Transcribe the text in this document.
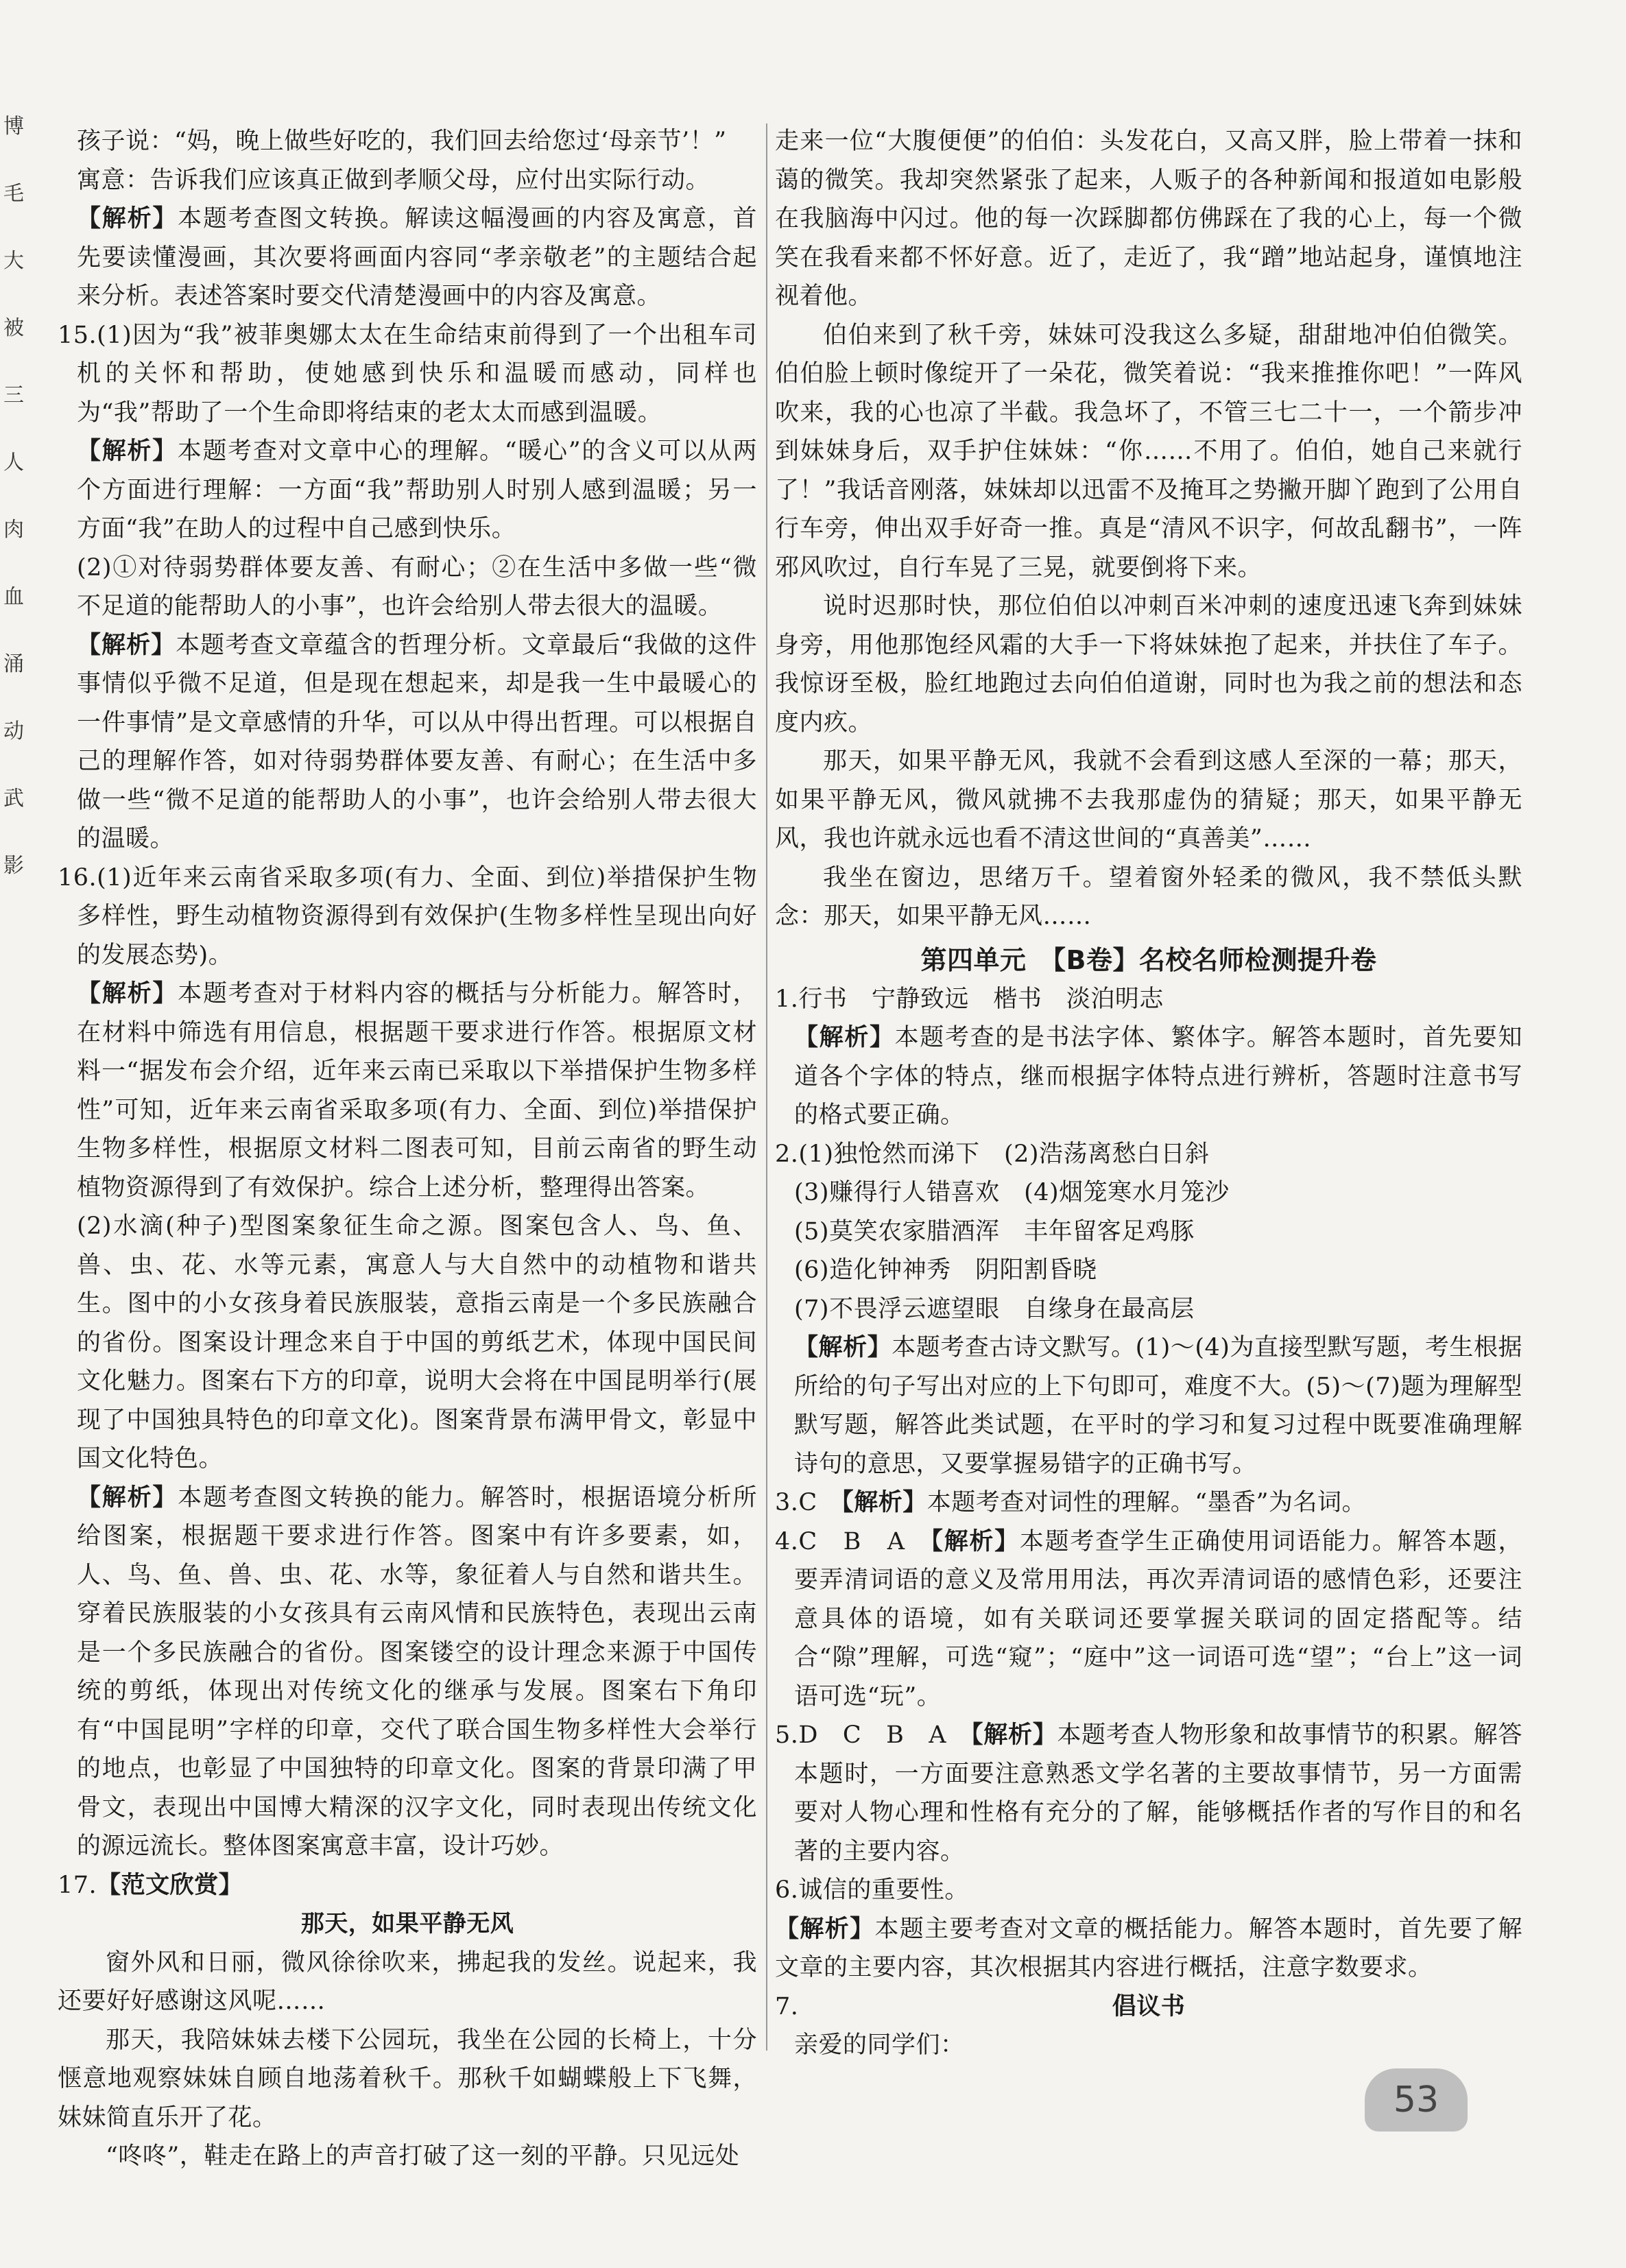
博
毛
大
被
三
人
肉
血
涌
动
武
影

孩子说：“妈，晚上做些好吃的，我们回去给您过‘母亲节’！”

寓意：告诉我们应该真正做到孝顺父母，应付出实际行动。

【解析】本题考查图文转换。解读这幅漫画的内容及寓意，首先要读懂漫画，其次要将画面内容同“孝亲敬老”的主题结合起来分析。表述答案时要交代清楚漫画中的内容及寓意。

15.(1)因为“我”被菲奥娜太太在生命结束前得到了一个出租车司机的关怀和帮助，使她感到快乐和温暖而感动，同样也为“我”帮助了一个生命即将结束的老太太而感到温暖。

【解析】本题考查对文章中心的理解。“暖心”的含义可以从两个方面进行理解：一方面“我”帮助别人时别人感到温暖；另一方面“我”在助人的过程中自己感到快乐。

(2)①对待弱势群体要友善、有耐心；②在生活中多做一些“微不足道的能帮助人的小事”，也许会给别人带去很大的温暖。

【解析】本题考查文章蕴含的哲理分析。文章最后“我做的这件事情似乎微不足道，但是现在想起来，却是我一生中最暖心的一件事情”是文章感情的升华，可以从中得出哲理。可以根据自己的理解作答，如对待弱势群体要友善、有耐心；在生活中多做一些“微不足道的能帮助人的小事”，也许会给别人带去很大的温暖。

16.(1)近年来云南省采取多项(有力、全面、到位)举措保护生物多样性，野生动植物资源得到有效保护(生物多样性呈现出向好的发展态势)。

【解析】本题考查对于材料内容的概括与分析能力。解答时，在材料中筛选有用信息，根据题干要求进行作答。根据原文材料一“据发布会介绍，近年来云南已采取以下举措保护生物多样性”可知，近年来云南省采取多项(有力、全面、到位)举措保护生物多样性，根据原文材料二图表可知，目前云南省的野生动植物资源得到了有效保护。综合上述分析，整理得出答案。

(2)水滴(种子)型图案象征生命之源。图案包含人、鸟、鱼、兽、虫、花、水等元素，寓意人与大自然中的动植物和谐共生。图中的小女孩身着民族服装，意指云南是一个多民族融合的省份。图案设计理念来自于中国的剪纸艺术，体现中国民间文化魅力。图案右下方的印章，说明大会将在中国昆明举行(展现了中国独具特色的印章文化)。图案背景布满甲骨文，彰显中国文化特色。

【解析】本题考查图文转换的能力。解答时，根据语境分析所给图案，根据题干要求进行作答。图案中有许多要素，如，人、鸟、鱼、兽、虫、花、水等，象征着人与自然和谐共生。穿着民族服装的小女孩具有云南风情和民族特色，表现出云南是一个多民族融合的省份。图案镂空的设计理念来源于中国传统的剪纸，体现出对传统文化的继承与发展。图案右下角印有“中国昆明”字样的印章，交代了联合国生物多样性大会举行的地点，也彰显了中国独特的印章文化。图案的背景印满了甲骨文，表现出中国博大精深的汉字文化，同时表现出传统文化的源远流长。整体图案寓意丰富，设计巧妙。

17.【范文欣赏】

那天，如果平静无风

窗外风和日丽，微风徐徐吹来，拂起我的发丝。说起来，我还要好好感谢这风呢……

那天，我陪妹妹去楼下公园玩，我坐在公园的长椅上，十分惬意地观察妹妹自顾自地荡着秋千。那秋千如蝴蝶般上下飞舞，妹妹简直乐开了花。

“咚咚”，鞋走在路上的声音打破了这一刻的平静。只见远处

走来一位“大腹便便”的伯伯：头发花白，又高又胖，脸上带着一抹和蔼的微笑。我却突然紧张了起来，人贩子的各种新闻和报道如电影般在我脑海中闪过。他的每一次踩脚都仿佛踩在了我的心上，每一个微笑在我看来都不怀好意。近了，走近了，我“蹭”地站起身，谨慎地注视着他。

伯伯来到了秋千旁，妹妹可没我这么多疑，甜甜地冲伯伯微笑。伯伯脸上顿时像绽开了一朵花，微笑着说：“我来推推你吧！”一阵风吹来，我的心也凉了半截。我急坏了，不管三七二十一，一个箭步冲到妹妹身后，双手护住妹妹：“你……不用了。伯伯，她自己来就行了！”我话音刚落，妹妹却以迅雷不及掩耳之势撇开脚丫跑到了公用自行车旁，伸出双手好奇一推。真是“清风不识字，何故乱翻书”，一阵邪风吹过，自行车晃了三晃，就要倒将下来。

说时迟那时快，那位伯伯以冲刺百米冲刺的速度迅速飞奔到妹妹身旁，用他那饱经风霜的大手一下将妹妹抱了起来，并扶住了车子。我惊讶至极，脸红地跑过去向伯伯道谢，同时也为我之前的想法和态度内疚。

那天，如果平静无风，我就不会看到这感人至深的一幕；那天，如果平静无风，微风就拂不去我那虚伪的猜疑；那天，如果平静无风，我也许就永远也看不清这世间的“真善美”……

我坐在窗边，思绪万千。望着窗外轻柔的微风，我不禁低头默念：那天，如果平静无风……

第四单元　【B卷】名校名师检测提升卷

1.行书　宁静致远　楷书　淡泊明志

【解析】本题考查的是书法字体、繁体字。解答本题时，首先要知道各个字体的特点，继而根据字体特点进行辨析，答题时注意书写的格式要正确。

2.(1)独怆然而涕下　(2)浩荡离愁白日斜

(3)赚得行人错喜欢　(4)烟笼寒水月笼沙

(5)莫笑农家腊酒浑　丰年留客足鸡豚

(6)造化钟神秀　阴阳割昏晓

(7)不畏浮云遮望眼　自缘身在最高层

【解析】本题考查古诗文默写。(1)～(4)为直接型默写题，考生根据所给的句子写出对应的上下句即可，难度不大。(5)～(7)题为理解型默写题，解答此类试题，在平时的学习和复习过程中既要准确理解诗句的意思，又要掌握易错字的正确书写。

3.C　【解析】本题考查对词性的理解。“墨香”为名词。

4.C　B　A　【解析】本题考查学生正确使用词语能力。解答本题，要弄清词语的意义及常用用法，再次弄清词语的感情色彩，还要注意具体的语境，如有关联词还要掌握关联词的固定搭配等。结合“隙”理解，可选“窥”；“庭中”这一词语可选“望”；“台上”这一词语可选“玩”。

5.D　C　B　A　【解析】本题考查人物形象和故事情节的积累。解答本题时，一方面要注意熟悉文学名著的主要故事情节，另一方面需要对人物心理和性格有充分的了解，能够概括作者的写作目的和名著的主要内容。

6.诚信的重要性。

【解析】本题主要考查对文章的概括能力。解答本题时，首先要了解文章的主要内容，其次根据其内容进行概括，注意字数要求。

7.	倡议书

亲爱的同学们：

53
